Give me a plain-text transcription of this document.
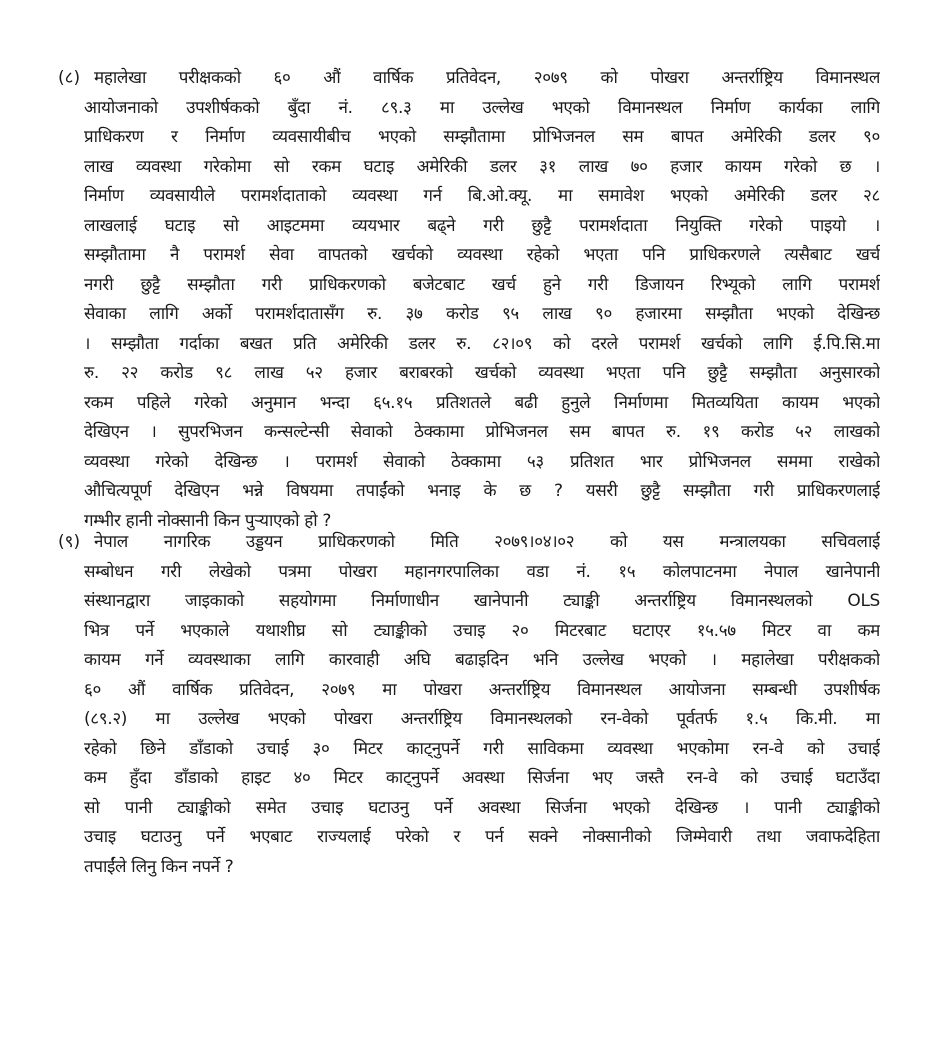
(८) महालेखा परीक्षकको ६० औं वार्षिक प्रतिवेदन, २०७९ को पोखरा अन्तर्राष्ट्रिय विमानस्थल
आयोजनाको उपशीर्षकको बुँदा नं. ८९.३ मा उल्लेख भएको विमानस्थल निर्माण कार्यका लागि
प्राधिकरण र निर्माण व्यवसायीबीच भएको सम्झौतामा प्रोभिजनल सम बापत अमेरिकी डलर ९०
लाख व्यवस्था गरेकोमा सो रकम घटाइ अमेरिकी डलर ३१ लाख ७० हजार कायम गरेको छ ।
निर्माण व्यवसायीले परामर्शदाताको व्यवस्था गर्न बि.ओ.क्यू. मा समावेश भएको अमेरिकी डलर २८
लाखलाई घटाइ सो आइटममा व्ययभार बढ्ने गरी छुट्टै परामर्शदाता नियुक्ति गरेको पाइयो ।
सम्झौतामा नै परामर्श सेवा वापतको खर्चको व्यवस्था रहेको भएता पनि प्राधिकरणले त्यसैबाट खर्च
नगरी छुट्टै सम्झौता गरी प्राधिकरणको बजेटबाट खर्च हुने गरी डिजायन रिभ्यूको लागि परामर्श
सेवाका लागि अर्को परामर्शदातासँग रु. ३७ करोड ९५ लाख ९० हजारमा सम्झौता भएको देखिन्छ
। सम्झौता गर्दाका बखत प्रति अमेरिकी डलर रु. ८२।०९ को दरले परामर्श खर्चको लागि ई.पि.सि.मा
रु. २२ करोड ९८ लाख ५२ हजार बराबरको खर्चको व्यवस्था भएता पनि छुट्टै सम्झौता अनुसारको
रकम पहिले गरेको अनुमान भन्दा ६५.१५ प्रतिशतले बढी हुनुले निर्माणमा मितव्ययिता कायम भएको
देखिएन । सुपरभिजन कन्सल्टेन्सी सेवाको ठेक्कामा प्रोभिजनल सम बापत रु. १९ करोड ५२ लाखको
व्यवस्था गरेको देखिन्छ । परामर्श सेवाको ठेक्कामा ५३ प्रतिशत भार प्रोभिजनल सममा राखेको
औचित्यपूर्ण देखिएन भन्ने विषयमा तपाईंको भनाइ के छ ? यसरी छुट्टै सम्झौता गरी प्राधिकरणलाई
गम्भीर हानी नोक्सानी किन पुऱ्याएको हो ?
(९) नेपाल नागरिक उड्डयन प्राधिकरणको मिति २०७९।०४।०२ को यस मन्त्रालयका सचिवलाई
सम्बोधन गरी लेखेको पत्रमा पोखरा महानगरपालिका वडा नं. १५ कोलपाटनमा नेपाल खानेपानी
संस्थानद्वारा जाइकाको सहयोगमा निर्माणाधीन खानेपानी ट्याङ्की अन्तर्राष्ट्रिय विमानस्थलको OLS
भित्र पर्ने भएकाले यथाशीघ्र सो ट्याङ्कीको उचाइ २० मिटरबाट घटाएर १५.५७ मिटर वा कम
कायम गर्ने व्यवस्थाका लागि कारवाही अघि बढाइदिन भनि उल्लेख भएको । महालेखा परीक्षकको
६० औं वार्षिक प्रतिवेदन, २०७९ मा पोखरा अन्तर्राष्ट्रिय विमानस्थल आयोजना सम्बन्धी उपशीर्षक
(८९.२) मा उल्लेख भएको पोखरा अन्तर्राष्ट्रिय विमानस्थलको रन-वेको पूर्वतर्फ १.५ कि.मी. मा
रहेको छिने डाँडाको उचाई ३० मिटर काट्नुपर्ने गरी साविकमा व्यवस्था भएकोमा रन-वे को उचाई
कम हुँदा डाँडाको हाइट ४० मिटर काट्नुपर्ने अवस्था सिर्जना भए जस्तै रन-वे को उचाई घटाउँदा
सो पानी ट्याङ्कीको समेत उचाइ घटाउनु पर्ने अवस्था सिर्जना भएको देखिन्छ । पानी ट्याङ्कीको
उचाइ घटाउनु पर्ने भएबाट राज्यलाई परेको र पर्न सक्ने नोक्सानीको जिम्मेवारी तथा जवाफदेहिता
तपाईंले लिनु किन नपर्ने ?
